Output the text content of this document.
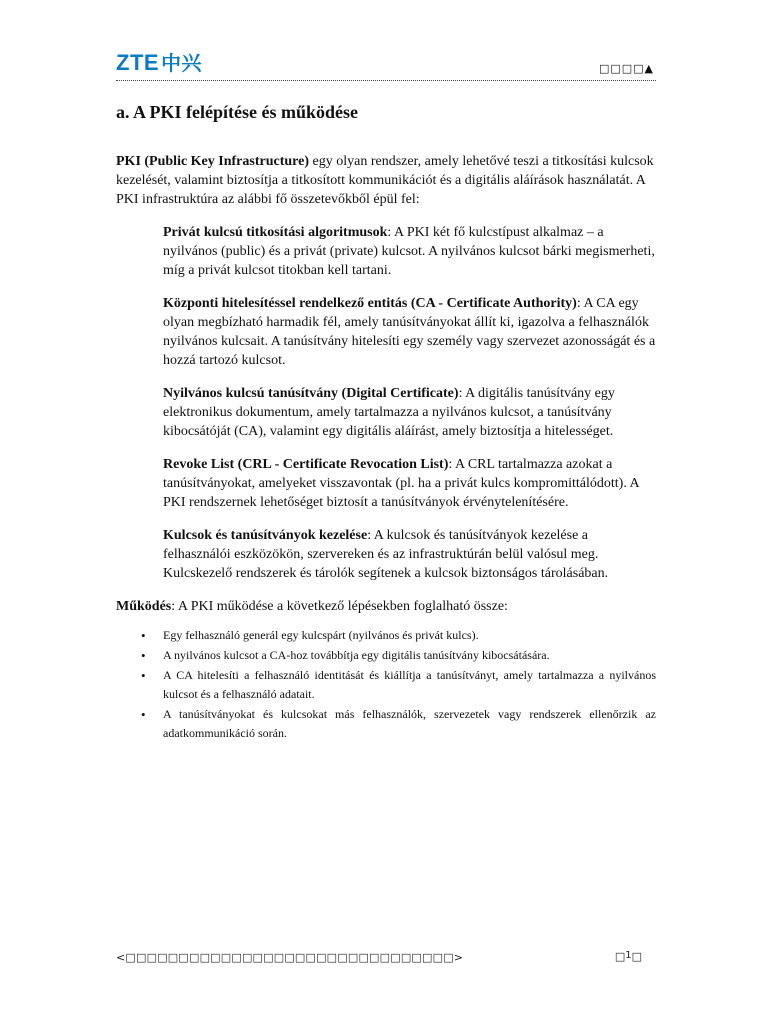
ZTE 中兴	□□□□▲
a. A PKI felépítése és működése

PKI (Public Key Infrastructure) egy olyan rendszer, amely lehetővé teszi a titkosítási kulcsok kezelését, valamint biztosítja a titkosított kommunikációt és a digitális aláírások használatát. A PKI infrastruktúra az alábbi fő összetevőkből épül fel:

Privát kulcsú titkosítási algoritmusok: A PKI két fő kulcstípust alkalmaz – a nyilvános (public) és a privát (private) kulcsot. A nyilvános kulcsot bárki megismerheti, míg a privát kulcsot titokban kell tartani.

Központi hitelesítéssel rendelkező entitás (CA - Certificate Authority): A CA egy olyan megbízható harmadik fél, amely tanúsítványokat állít ki, igazolva a felhasználók nyilvános kulcsait. A tanúsítvány hitelesíti egy személy vagy szervezet azonosságát és a hozzá tartozó kulcsot.

Nyilvános kulcsú tanúsítvány (Digital Certificate): A digitális tanúsítvány egy elektronikus dokumentum, amely tartalmazza a nyilvános kulcsot, a tanúsítvány kibocsátóját (CA), valamint egy digitális aláírást, amely biztosítja a hitelességet.

Revoke List (CRL - Certificate Revocation List): A CRL tartalmazza azokat a tanúsítványokat, amelyeket visszavontak (pl. ha a privát kulcs kompromittálódott). A PKI rendszernek lehetőséget biztosít a tanúsítványok érvénytelenítésére.

Kulcsok és tanúsítványok kezelése: A kulcsok és tanúsítványok kezelése a felhasználói eszközökön, szervereken és az infrastruktúrán belül valósul meg. Kulcskezelő rendszerek és tárolók segítenek a kulcsok biztonságos tárolásában.

Működés: A PKI működése a következő lépésekben foglalható össze:

• Egy felhasználó generál egy kulcspárt (nyilvános és privát kulcs).
• A nyilvános kulcsot a CA-hoz továbbítja egy digitális tanúsítvány kibocsátására.
• A CA hitelesíti a felhasználó identitását és kiállítja a tanúsítványt, amely tartalmazza a nyilvános kulcsot és a felhasználó adatait.
• A tanúsítványokat és kulcsokat más felhasználók, szervezetek vagy rendszerek ellenőrzik az adatkommunikáció során.
<□□□□□□□□□□□□□□□□□□□□□□□□□□□□□□□>	□1□
